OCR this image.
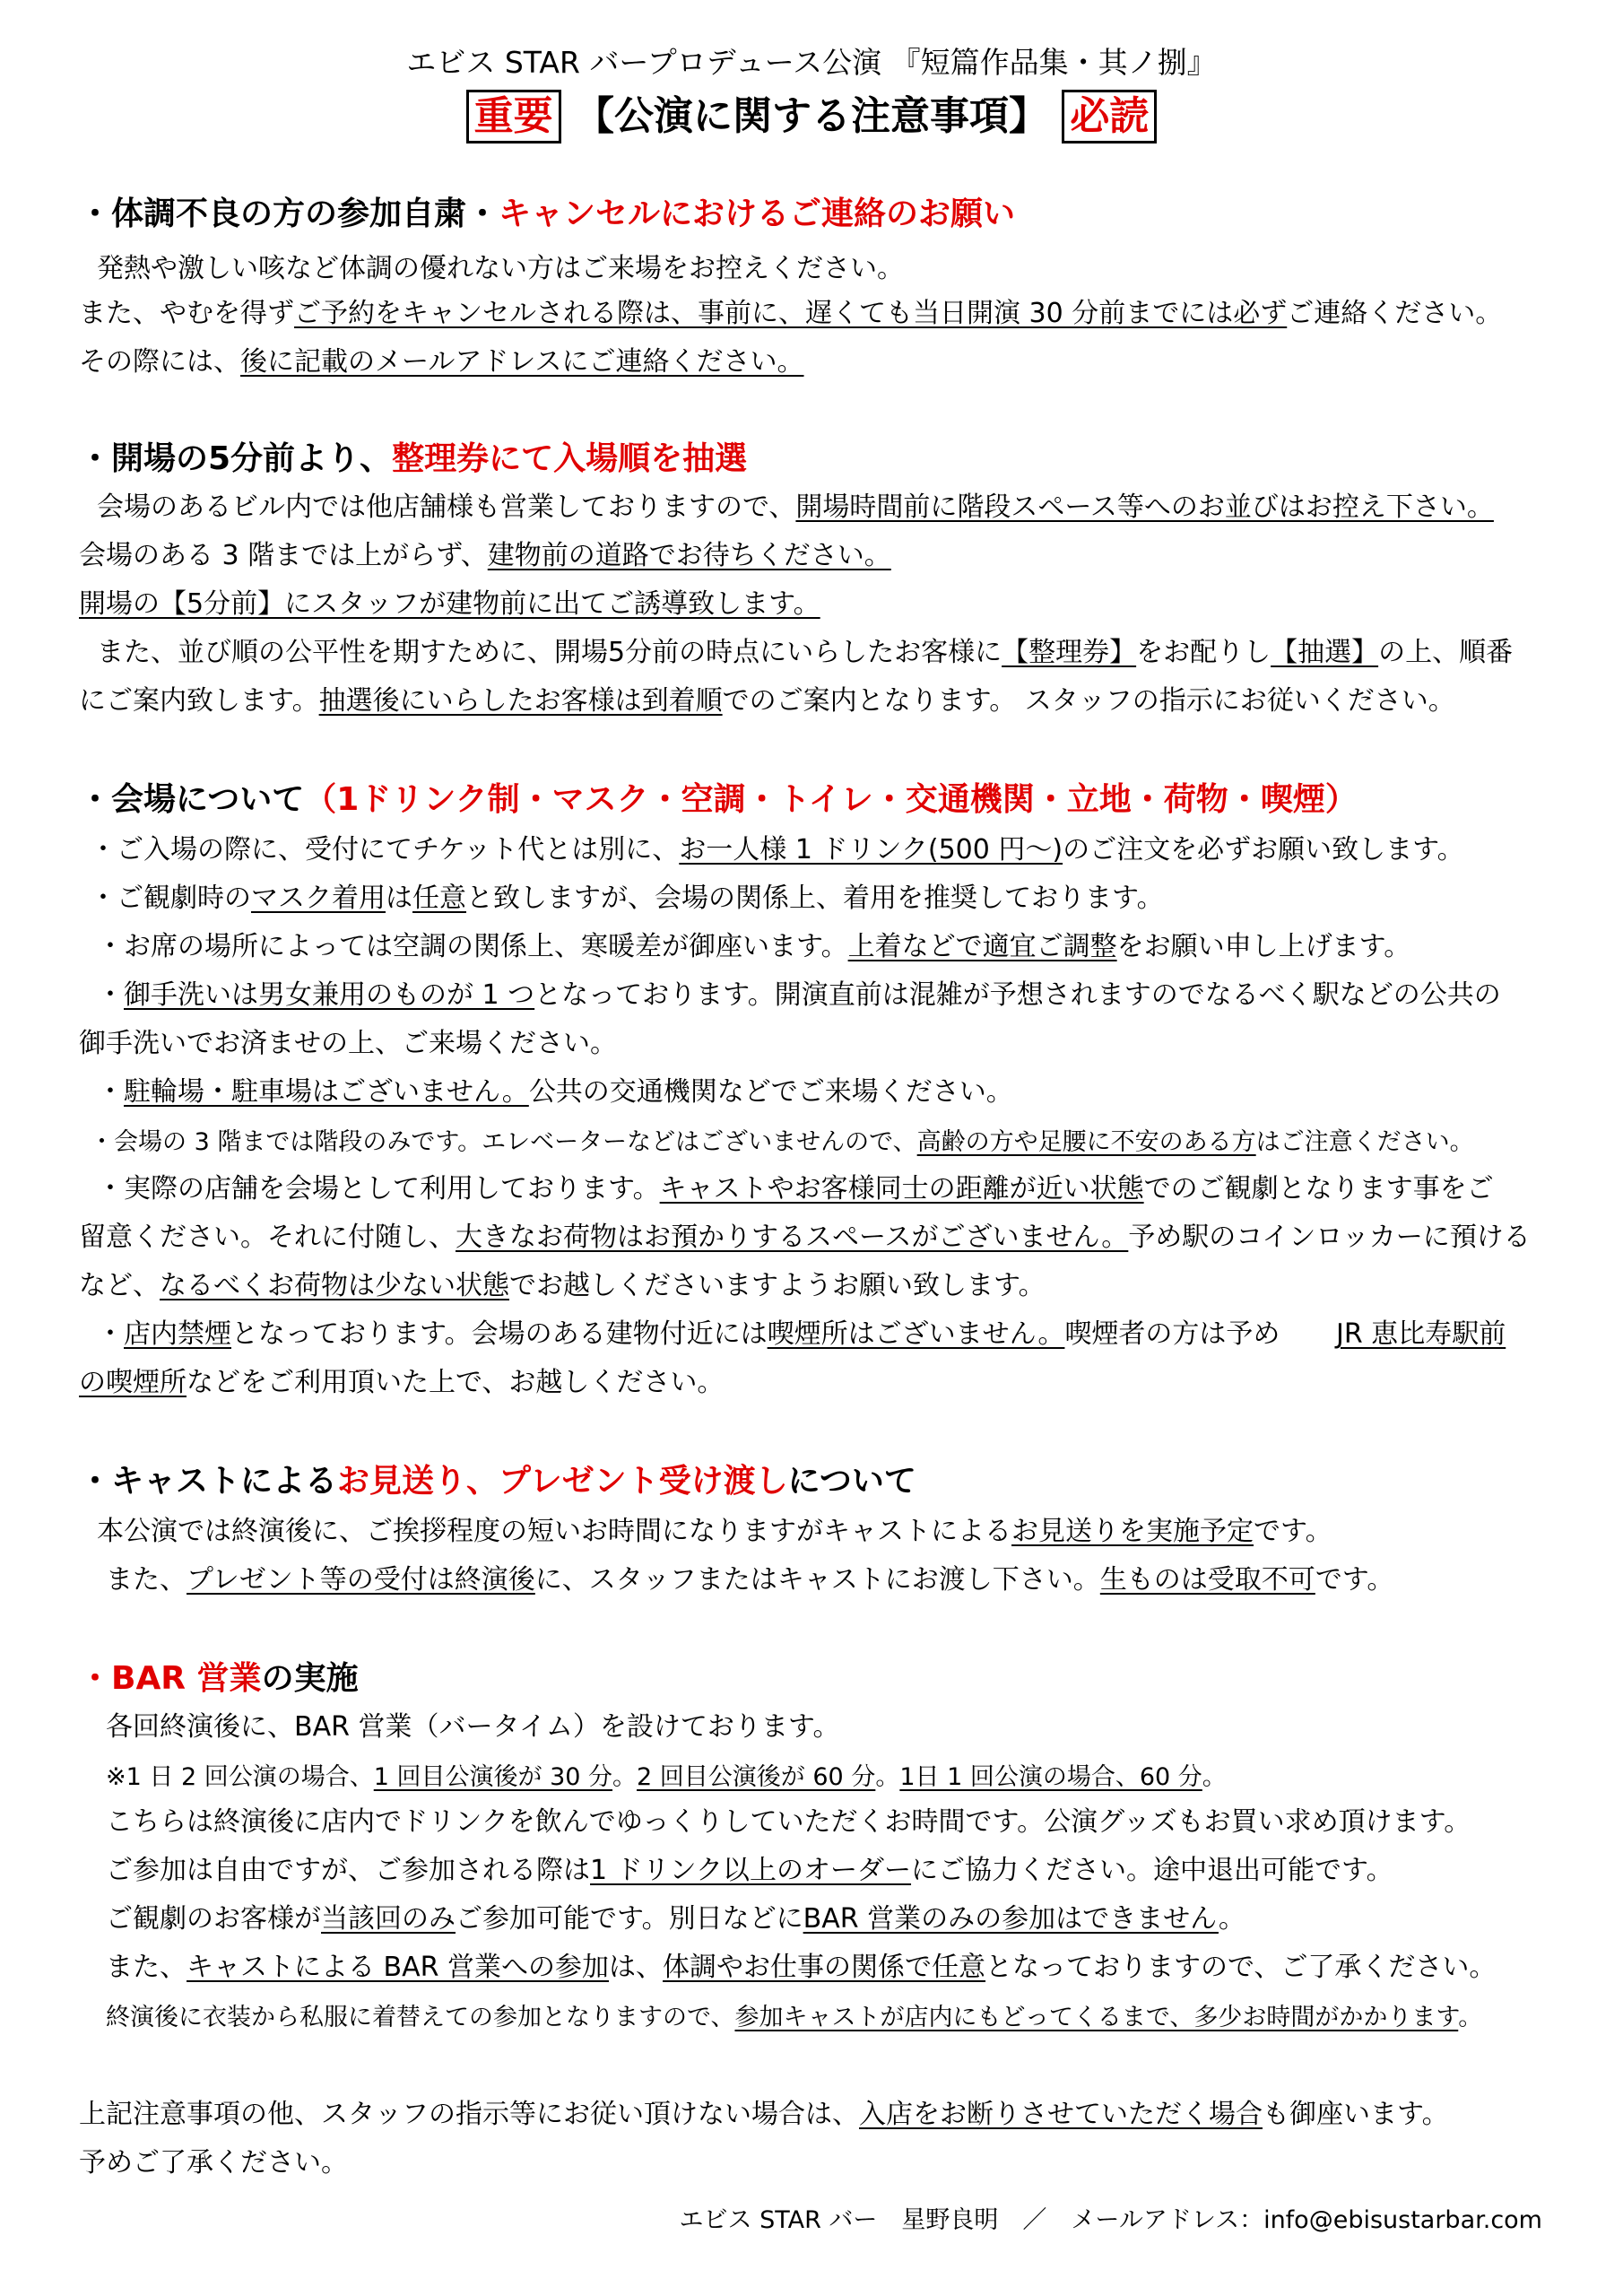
エビス STAR バープロデュース公演 『短篇作品集・其ノ捌』
重要 【公演に関する注意事項】 必読
・体調不良の方の参加自粛・キャンセルにおけるご連絡のお願い
発熱や激しい咳など体調の優れない方はご来場をお控えください。
また、やむを得ずご予約をキャンセルされる際は、事前に、遅くても当日開演 30 分前までには必ずご連絡ください。
その際には、後に記載のメールアドレスにご連絡ください。
・開場の5分前より、整理券にて入場順を抽選
会場のあるビル内では他店舗様も営業しておりますので、開場時間前に階段スペース等へのお並びはお控え下さい。
会場のある 3 階までは上がらず、建物前の道路でお待ちください。
開場の【5分前】にスタッフが建物前に出てご誘導致します。
また、並び順の公平性を期すために、開場5分前の時点にいらしたお客様に【整理券】をお配りし【抽選】の上、順番
にご案内致します。抽選後にいらしたお客様は到着順でのご案内となります。 スタッフの指示にお従いください。
・会場について（1ドリンク制・マスク・空調・トイレ・交通機関・立地・荷物・喫煙）
・ご入場の際に、受付にてチケット代とは別に、お一人様 1 ドリンク(500 円～)のご注文を必ずお願い致します。
・ご観劇時のマスク着用は任意と致しますが、会場の関係上、着用を推奨しております。
・お席の場所によっては空調の関係上、寒暖差が御座います。上着などで適宜ご調整をお願い申し上げます。
・御手洗いは男女兼用のものが 1 つとなっております。開演直前は混雑が予想されますのでなるべく駅などの公共の
御手洗いでお済ませの上、ご来場ください。
・駐輪場・駐車場はございません。公共の交通機関などでご来場ください。
・会場の 3 階までは階段のみです。エレベーターなどはございませんので、高齢の方や足腰に不安のある方はご注意ください。
・実際の店舗を会場として利用しております。キャストやお客様同士の距離が近い状態でのご観劇となります事をご
留意ください。それに付随し、大きなお荷物はお預かりするスペースがございません。予め駅のコインロッカーに預ける
など、なるべくお荷物は少ない状態でお越しくださいますようお願い致します。
・店内禁煙となっております。会場のある建物付近には喫煙所はございません。喫煙者の方は予め JR 恵比寿駅前
の喫煙所などをご利用頂いた上で、お越しください。
・キャストによるお見送り、プレゼント受け渡しについて
本公演では終演後に、ご挨拶程度の短いお時間になりますがキャストによるお見送りを実施予定です。
また、プレゼント等の受付は終演後に、スタッフまたはキャストにお渡し下さい。生ものは受取不可です。
・BAR 営業の実施
各回終演後に、BAR 営業（バータイム）を設けております。
※1 日 2 回公演の場合、1 回目公演後が 30 分。2 回目公演後が 60 分。1日 1 回公演の場合、60 分。
こちらは終演後に店内でドリンクを飲んでゆっくりしていただくお時間です。公演グッズもお買い求め頂けます。
ご参加は自由ですが、ご参加される際は1 ドリンク以上のオーダーにご協力ください。途中退出可能です。
ご観劇のお客様が当該回のみご参加可能です。別日などにBAR 営業のみの参加はできません。
また、キャストによる BAR 営業への参加は、体調やお仕事の関係で任意となっておりますので、ご了承ください。
終演後に衣装から私服に着替えての参加となりますので、参加キャストが店内にもどってくるまで、多少お時間がかかります。
上記注意事項の他、スタッフの指示等にお従い頂けない場合は、入店をお断りさせていただく場合も御座います。
予めご了承ください。
エビス STAR バー　星野良明　／　メールアドレス：info@ebisustarbar.com
